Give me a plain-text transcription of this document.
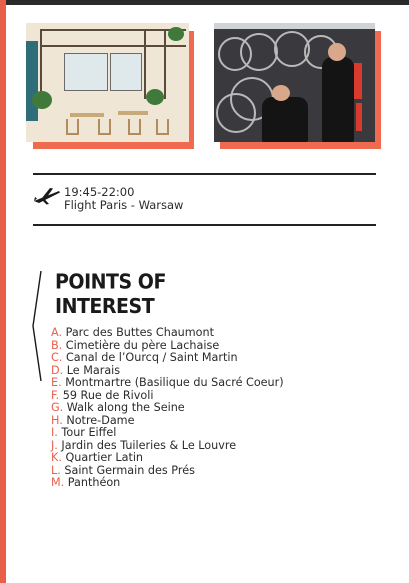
19:45-22:00
Flight Paris - Warsaw
POINTS OF
INTEREST
A. Parc des Buttes Chaumont
B. Cimetière du père Lachaise
C. Canal de l’Ourcq / Saint Martin
D. Le Marais
E. Montmartre (Basilique du Sacré Coeur)
F. 59 Rue de Rivoli
G. Walk along the Seine
H. Notre-Dame
I. Tour Eiffel
J. Jardin des Tuileries & Le Louvre
K. Quartier Latin
L. Saint Germain des Prés
M. Panthéon
